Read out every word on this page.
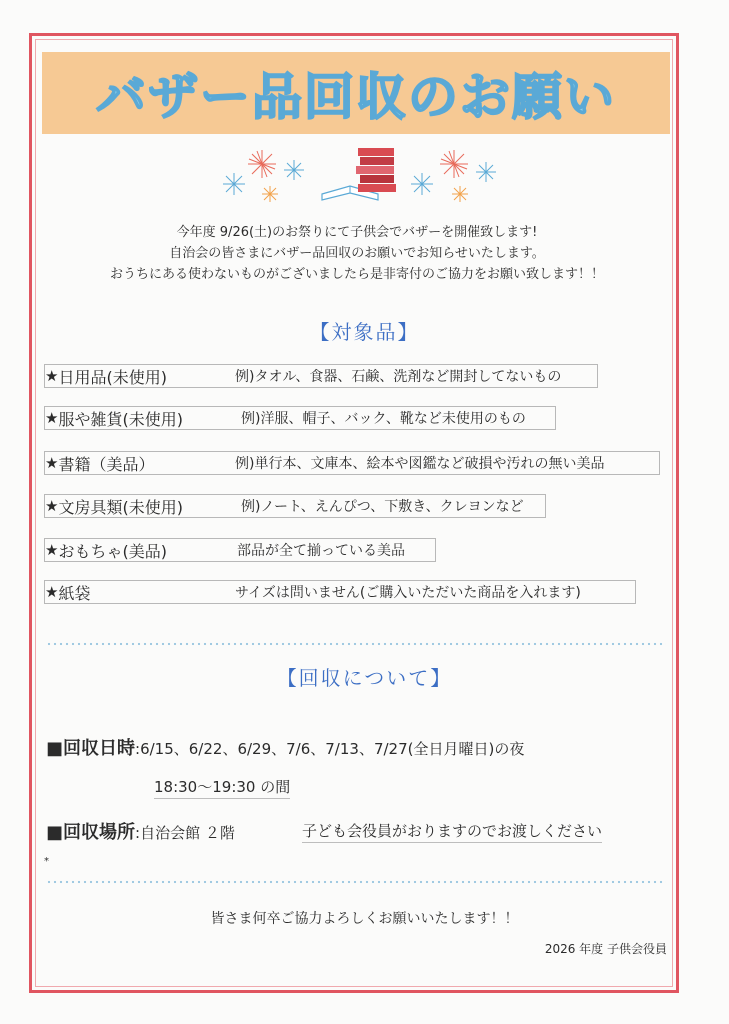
バザー品回収のお願い
今年度 9/26(土)のお祭りにて子供会でバザーを開催致します!
自治会の皆さまにバザー品回収のお願いでお知らせいたします。
おうちにある使わないものがございましたら是非寄付のご協力をお願い致します！！
【対象品】
★ 日用品(未使用)	例)タオル、食器、石鹸、洗剤など開封してないもの
★ 服や雑貨(未使用)	例)洋服、帽子、バック、靴など未使用のもの
★ 書籍（美品）	例)単行本、文庫本、絵本や図鑑など破損や汚れの無い美品
★ 文房具類(未使用)	例)ノート、えんぴつ、下敷き、クレヨンなど
★ おもちゃ(美品)	部品が全て揃っている美品
★ 紙袋	サイズは問いません(ご購入いただいた商品を入れます)
【回収について】
■回収日時:6/15、6/22、6/29、7/6、7/13、7/27(全日月曜日)の夜
18:30～19:30 の間
■回収場所:自治会館 ２階	子ども会役員がおりますのでお渡しください
*
皆さま何卒ご協力よろしくお願いいたします！！
2026 年度 子供会役員
